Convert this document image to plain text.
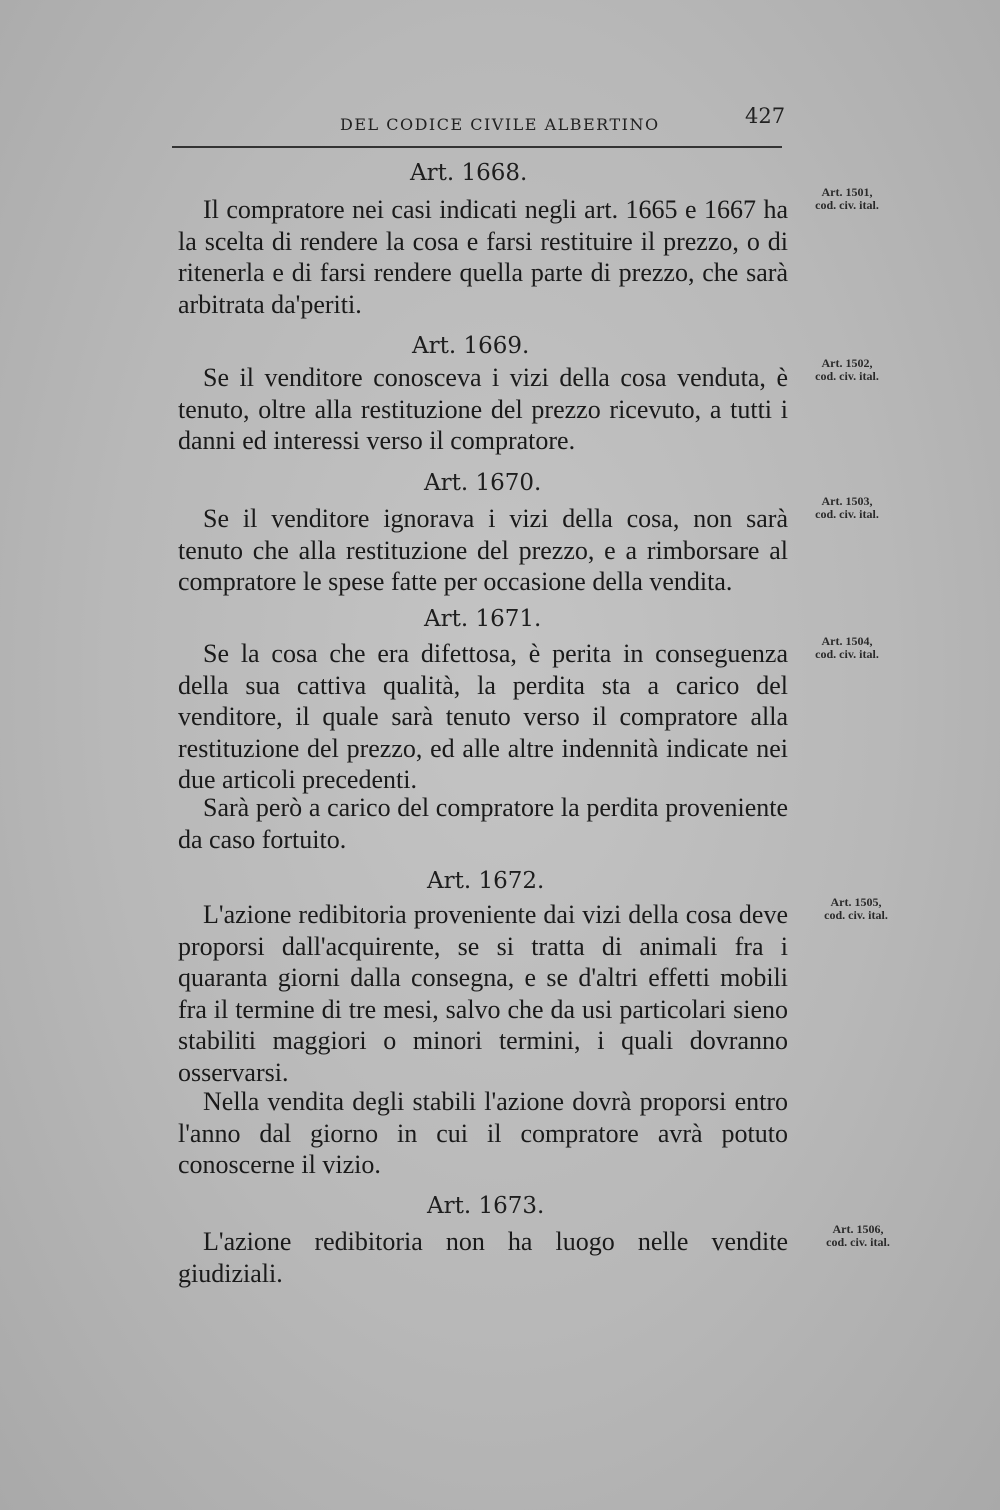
DEL CODICE CIVILE ALBERTINO	427
Art. 1668.
Il compratore nei casi indicati negli art. 1665 e 1667 ha la scelta di rendere la cosa e farsi restituire il prezzo, o di ritenerla e di farsi rendere quella parte di prezzo, che sarà arbitrata da'periti.
Art. 1501,
cod. civ. ital.
Art. 1669.
Se il venditore conosceva i vizi della cosa venduta, è tenuto, oltre alla restituzione del prezzo ricevuto, a tutti i danni ed interessi verso il compratore.
Art. 1502,
cod. civ. ital.
Art. 1670.
Se il venditore ignorava i vizi della cosa, non sarà tenuto che alla restituzione del prezzo, e a rimborsare al compratore le spese fatte per occasione della vendita.
Art. 1503,
cod. civ. ital.
Art. 1671.
Se la cosa che era difettosa, è perita in conseguenza della sua cattiva qualità, la perdita sta a carico del venditore, il quale sarà tenuto verso il compratore alla restituzione del prezzo, ed alle altre indennità indicate nei due articoli precedenti.
Sarà però a carico del compratore la perdita proveniente da caso fortuito.
Art. 1504,
cod. civ. ital.
Art. 1672.
L'azione redibitoria proveniente dai vizi della cosa deve proporsi dall'acquirente, se si tratta di animali fra i quaranta giorni dalla consegna, e se d'altri effetti mobili fra il termine di tre mesi, salvo che da usi particolari sieno stabiliti maggiori o minori termini, i quali dovranno osservarsi.
Nella vendita degli stabili l'azione dovrà proporsi entro l'anno dal giorno in cui il compratore avrà potuto conoscerne il vizio.
Art. 1505,
cod. civ. ital.
Art. 1673.
L'azione redibitoria non ha luogo nelle vendite giudiziali.
Art. 1506,
cod. civ. ital.
